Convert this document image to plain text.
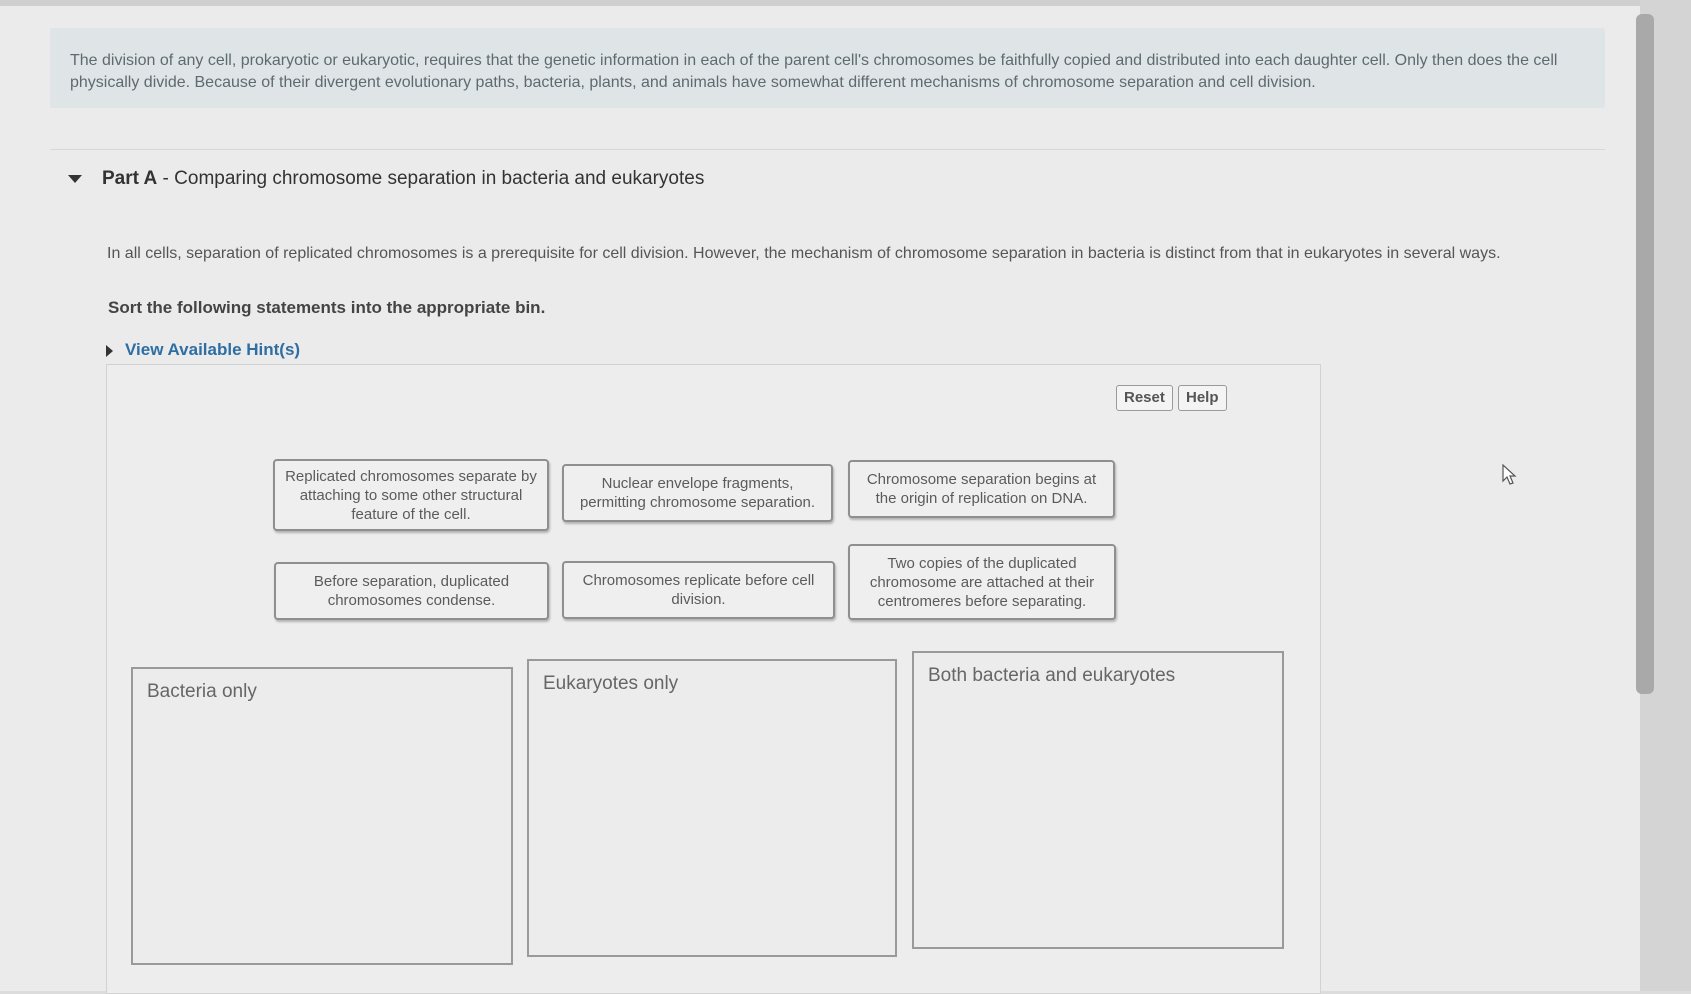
The division of any cell, prokaryotic or eukaryotic, requires that the genetic information in each of the parent cell's chromosomes be faithfully copied and distributed into each daughter cell. Only then does the cell physically divide. Because of their divergent evolutionary paths, bacteria, plants, and animals have somewhat different mechanisms of chromosome separation and cell division.
Part A - Comparing chromosome separation in bacteria and eukaryotes
In all cells, separation of replicated chromosomes is a prerequisite for cell division. However, the mechanism of chromosome separation in bacteria is distinct from that in eukaryotes in several ways.
Sort the following statements into the appropriate bin.
View Available Hint(s)
Reset	Help
Replicated chromosomes separate by attaching to some other structural feature of the cell.
Nuclear envelope fragments, permitting chromosome separation.
Chromosome separation begins at the origin of replication on DNA.
Before separation, duplicated chromosomes condense.
Chromosomes replicate before cell division.
Two copies of the duplicated chromosome are attached at their centromeres before separating.
Bacteria only	Eukaryotes only	Both bacteria and eukaryotes
